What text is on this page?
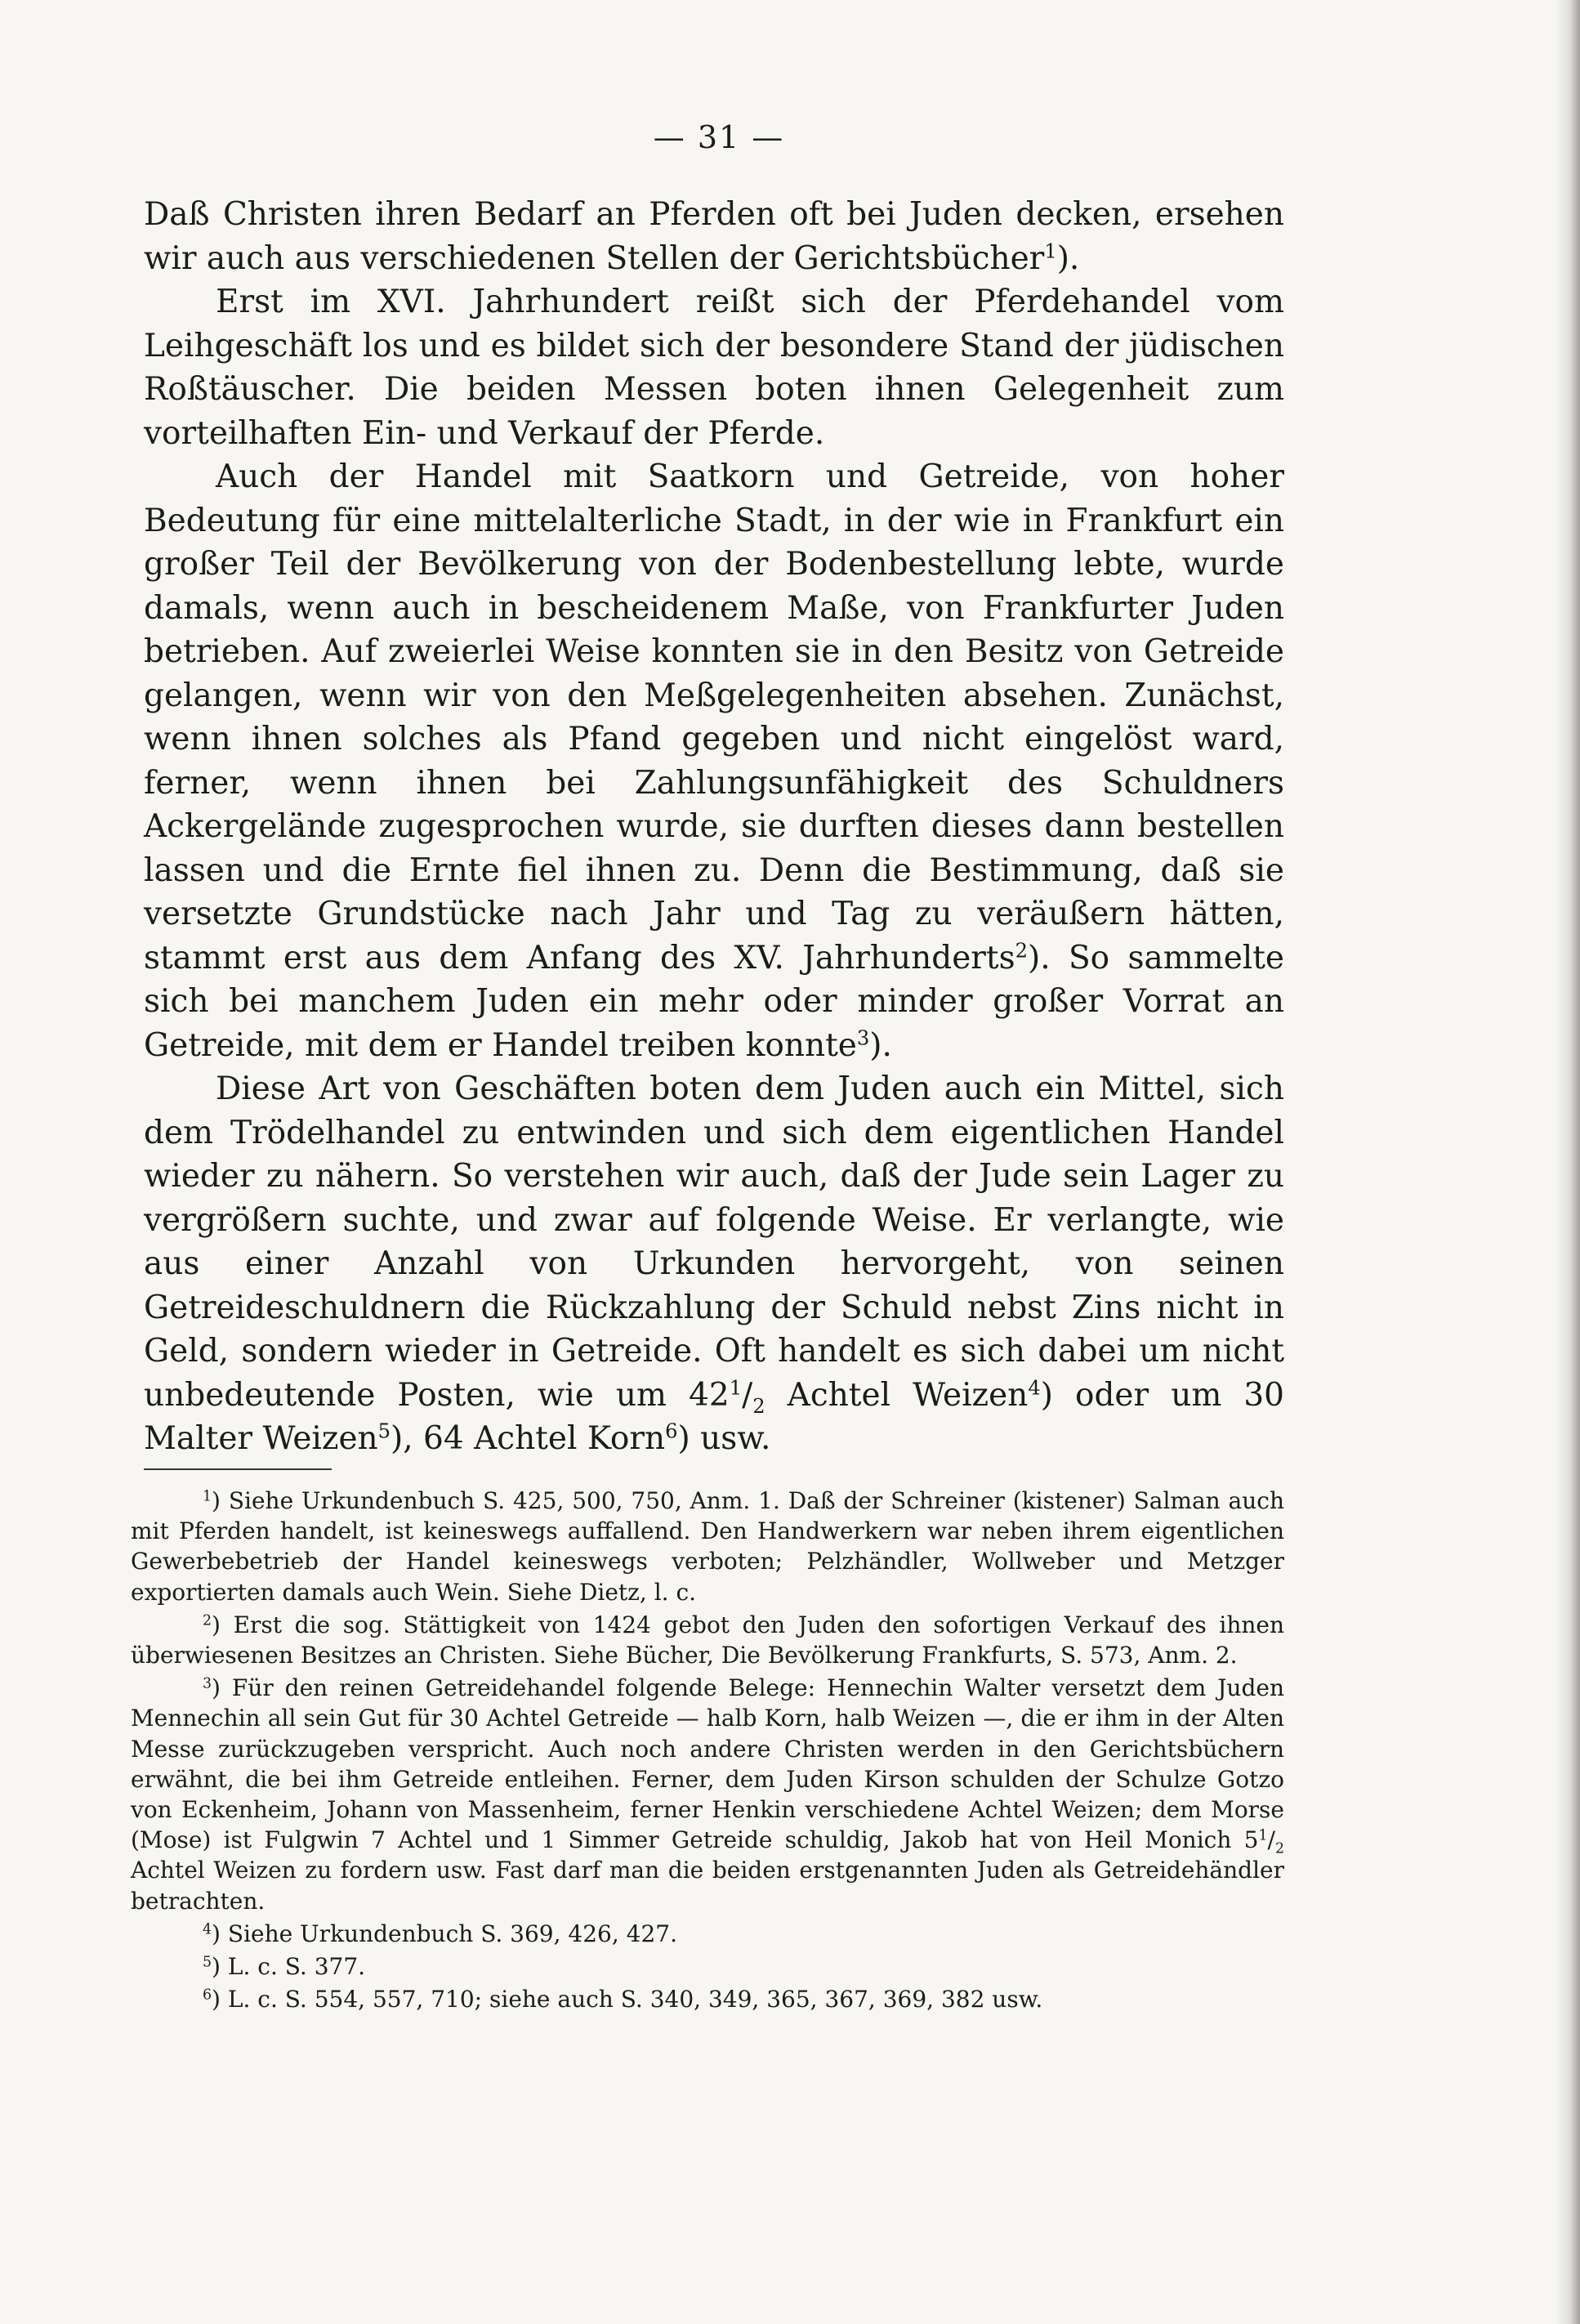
— 31 —

Daß Christen ihren Bedarf an Pferden oft bei Juden decken, ersehen wir auch aus verschiedenen Stellen der Gerichtsbücher$^1$).

Erst im XVI. Jahrhundert reißt sich der Pferdehandel vom Leihgeschäft los und es bildet sich der besondere Stand der jüdischen Roßtäuscher. Die beiden Messen boten ihnen Gelegenheit zum vorteilhaften Ein- und Verkauf der Pferde.

Auch der Handel mit Saatkorn und Getreide, von hoher Bedeutung für eine mittelalterliche Stadt, in der wie in Frankfurt ein großer Teil der Bevölkerung von der Bodenbestellung lebte, wurde damals, wenn auch in bescheidenem Maße, von Frankfurter Juden betrieben. Auf zweierlei Weise konnten sie in den Besitz von Getreide gelangen, wenn wir von den Meßgelegenheiten absehen. Zunächst, wenn ihnen solches als Pfand gegeben und nicht eingelöst ward, ferner, wenn ihnen bei Zahlungsunfähigkeit des Schuldners Ackergelände zugesprochen wurde, sie durften dieses dann bestellen lassen und die Ernte fiel ihnen zu. Denn die Bestimmung, daß sie versetzte Grundstücke nach Jahr und Tag zu veräußern hätten, stammt erst aus dem Anfang des XV. Jahrhunderts$^2$). So sammelte sich bei manchem Juden ein mehr oder minder großer Vorrat an Getreide, mit dem er Handel treiben konnte$^3$).

Diese Art von Geschäften boten dem Juden auch ein Mittel, sich dem Trödelhandel zu entwinden und sich dem eigentlichen Handel wieder zu nähern. So verstehen wir auch, daß der Jude sein Lager zu vergrößern suchte, und zwar auf folgende Weise. Er verlangte, wie aus einer Anzahl von Urkunden hervorgeht, von seinen Getreideschuldnern die Rückzahlung der Schuld nebst Zins nicht in Geld, sondern wieder in Getreide. Oft handelt es sich dabei um nicht unbedeutende Posten, wie um $42^1/_2$ Achtel Weizen$^4$) oder um 30 Malter Weizen$^5$), 64 Achtel Korn$^6$) usw.

$^1$) Siehe Urkundenbuch S. 425, 500, 750, Anm. 1. Daß der Schreiner (kistener) Salman auch mit Pferden handelt, ist keineswegs auffallend. Den Handwerkern war neben ihrem eigentlichen Gewerbebetrieb der Handel keineswegs verboten; Pelzhändler, Wollweber und Metzger exportierten damals auch Wein. Siehe Dietz, l. c.

$^2$) Erst die sog. Stättigkeit von 1424 gebot den Juden den sofortigen Verkauf des ihnen überwiesenen Besitzes an Christen. Siehe Bücher, Die Bevölkerung Frankfurts, S. 573, Anm. 2.

$^3$) Für den reinen Getreidehandel folgende Belege: Hennechin Walter versetzt dem Juden Mennechin all sein Gut für 30 Achtel Getreide — halb Korn, halb Weizen —, die er ihm in der Alten Messe zurückzugeben verspricht. Auch noch andere Christen werden in den Gerichtsbüchern erwähnt, die bei ihm Getreide entleihen. Ferner, dem Juden Kirson schulden der Schulze Gotzo von Eckenheim, Johann von Massenheim, ferner Henkin verschiedene Achtel Weizen; dem Morse (Mose) ist Fulgwin 7 Achtel und 1 Simmer Getreide schuldig, Jakob hat von Heil Monich $5^1/_2$ Achtel Weizen zu fordern usw. Fast darf man die beiden erstgenannten Juden als Getreidehändler betrachten.

$^4$) Siehe Urkundenbuch S. 369, 426, 427.

$^5$) L. c. S. 377.

$^6$) L. c. S. 554, 557, 710; siehe auch S. 340, 349, 365, 367, 369, 382 usw.
